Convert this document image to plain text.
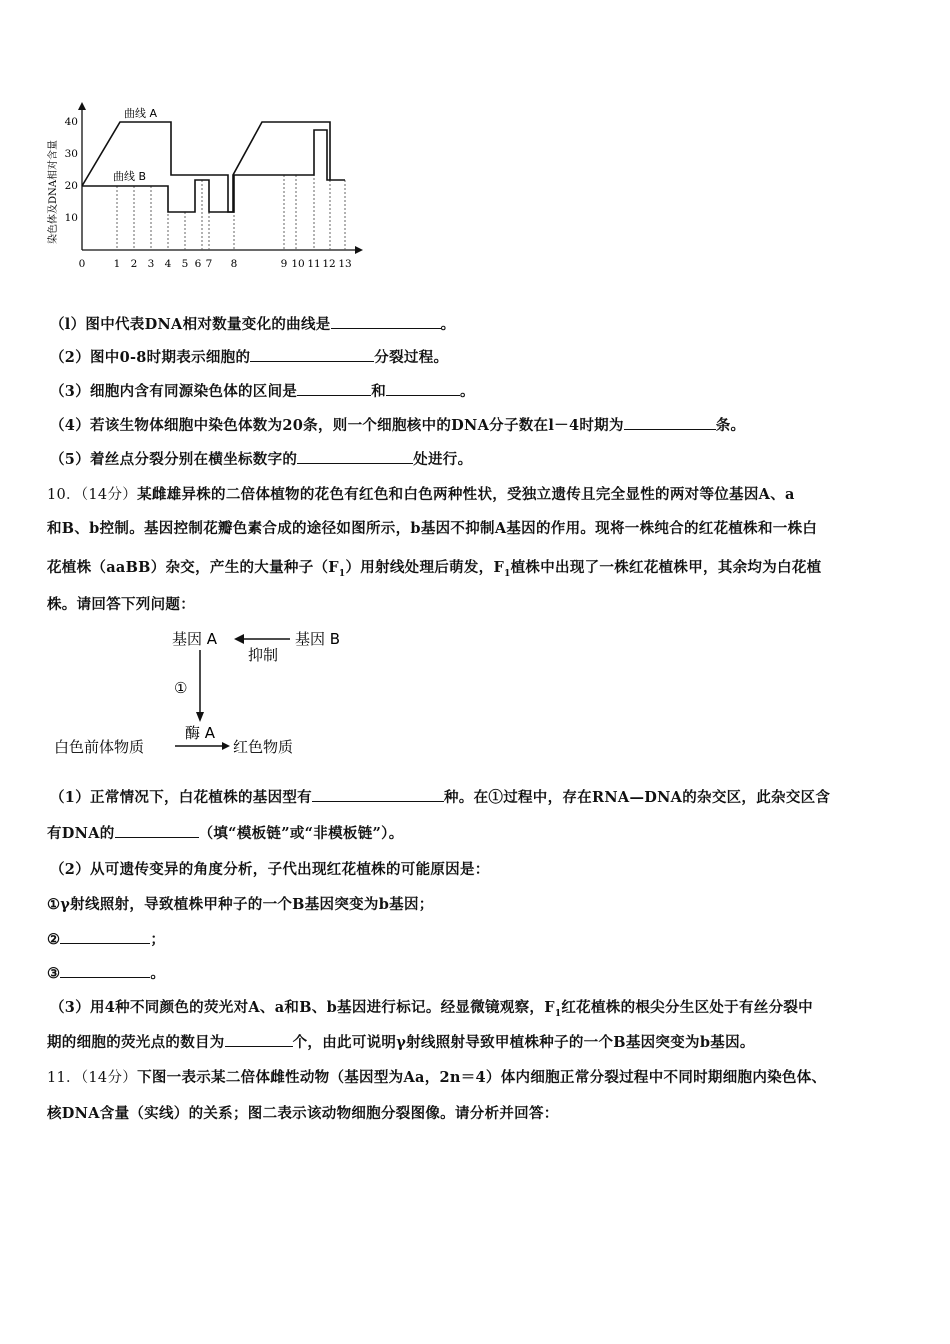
染色体及DNA相对含量 10
20
30
40
曲线 A
曲线 B
0	1 2 3 4 5 6 7 8	9 10 11 12 13
（l）图中代表DNA相对数量变化的曲线是	。
（2）图中0-8时期表示细胞的	分裂过程。
（3）细胞内含有同源染色体的区间是	和	。
（4）若该生物体细胞中染色体数为20条，则一个细胞核中的DNA分子数在l－4时期为	条。
（5）着丝点分裂分别在横坐标数字的	处进行。
10．（14分）某雌雄异株的二倍体植物的花色有红色和白色两种性状，受独立遗传且完全显性的两对等位基因A、a
和B、b控制。基因控制花瓣色素合成的途径如图所示，b基因不抑制A基因的作用。现将一株纯合的红花植株和一株白
花植株（aaBB）杂交，产生的大量种子$(F_1)$用射线处理后萌发，$F_1$植株中出现了一株红花植株甲，其余均为白花植
株。请回答下列问题：
基因 A	基因 B
抑制
①
酶 A
白色前体物质	红色物质
（1）正常情况下，白花植株的基因型有	种。在①过程中，存在RNA—DNA的杂交区，此杂交区含
有DNA的	（填“模板链”或“非模板链”）。
（2）从可遗传变异的角度分析，子代出现红花植株的可能原因是：
①γ射线照射，导致植株甲种子的一个B基因突变为b基因；
②	；
③	。
（3）用4种不同颜色的荧光对A、a和B、b基因进行标记。经显微镜观察，$F_1$红花植株的根尖分生区处于有丝分裂中
期的细胞的荧光点的数目为	个，由此可说明γ射线照射导致甲植株种子的一个B基因突变为b基因。
11．（14分）下图一表示某二倍体雌性动物（基因型为Aa，2n＝4）体内细胞正常分裂过程中不同时期细胞内染色体、
核DNA含量（实线）的关系；图二表示该动物细胞分裂图像。请分析并回答：
